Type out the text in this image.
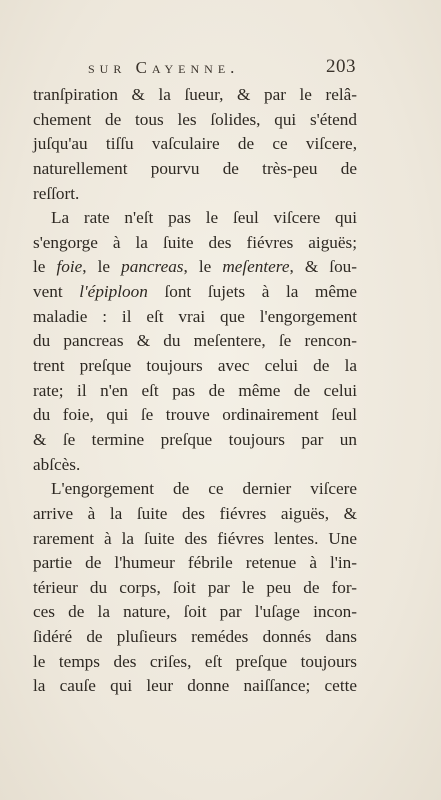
sur Cayenne.	203
tranſpiration & la ſueur, & par le relâ-
chement de tous les ſolides, qui s'étend
juſqu'au tiſſu vaſculaire de ce viſcere,
naturellement pourvu de très-peu de
reſſort.
La rate n'eſt pas le ſeul viſcere qui
s'engorge à la ſuite des fiévres aiguës;
le foie, le pancreas, le meſentere, & ſou-
vent l'épiploon ſont ſujets à la même
maladie : il eſt vrai que l'engorgement
du pancreas & du meſentere, ſe rencon-
trent preſque toujours avec celui de la
rate; il n'en eſt pas de même de celui
du foie, qui ſe trouve ordinairement ſeul
& ſe termine preſque toujours par un
abſcès.
L'engorgement de ce dernier viſcere
arrive à la ſuite des fiévres aiguës, &
rarement à la ſuite des fiévres lentes. Une
partie de l'humeur fébrile retenue à l'in-
térieur du corps, ſoit par le peu de for-
ces de la nature, ſoit par l'uſage incon-
ſidéré de pluſieurs remédes donnés dans
le temps des criſes, eſt preſque toujours
la cauſe qui leur donne naiſſance; cette
